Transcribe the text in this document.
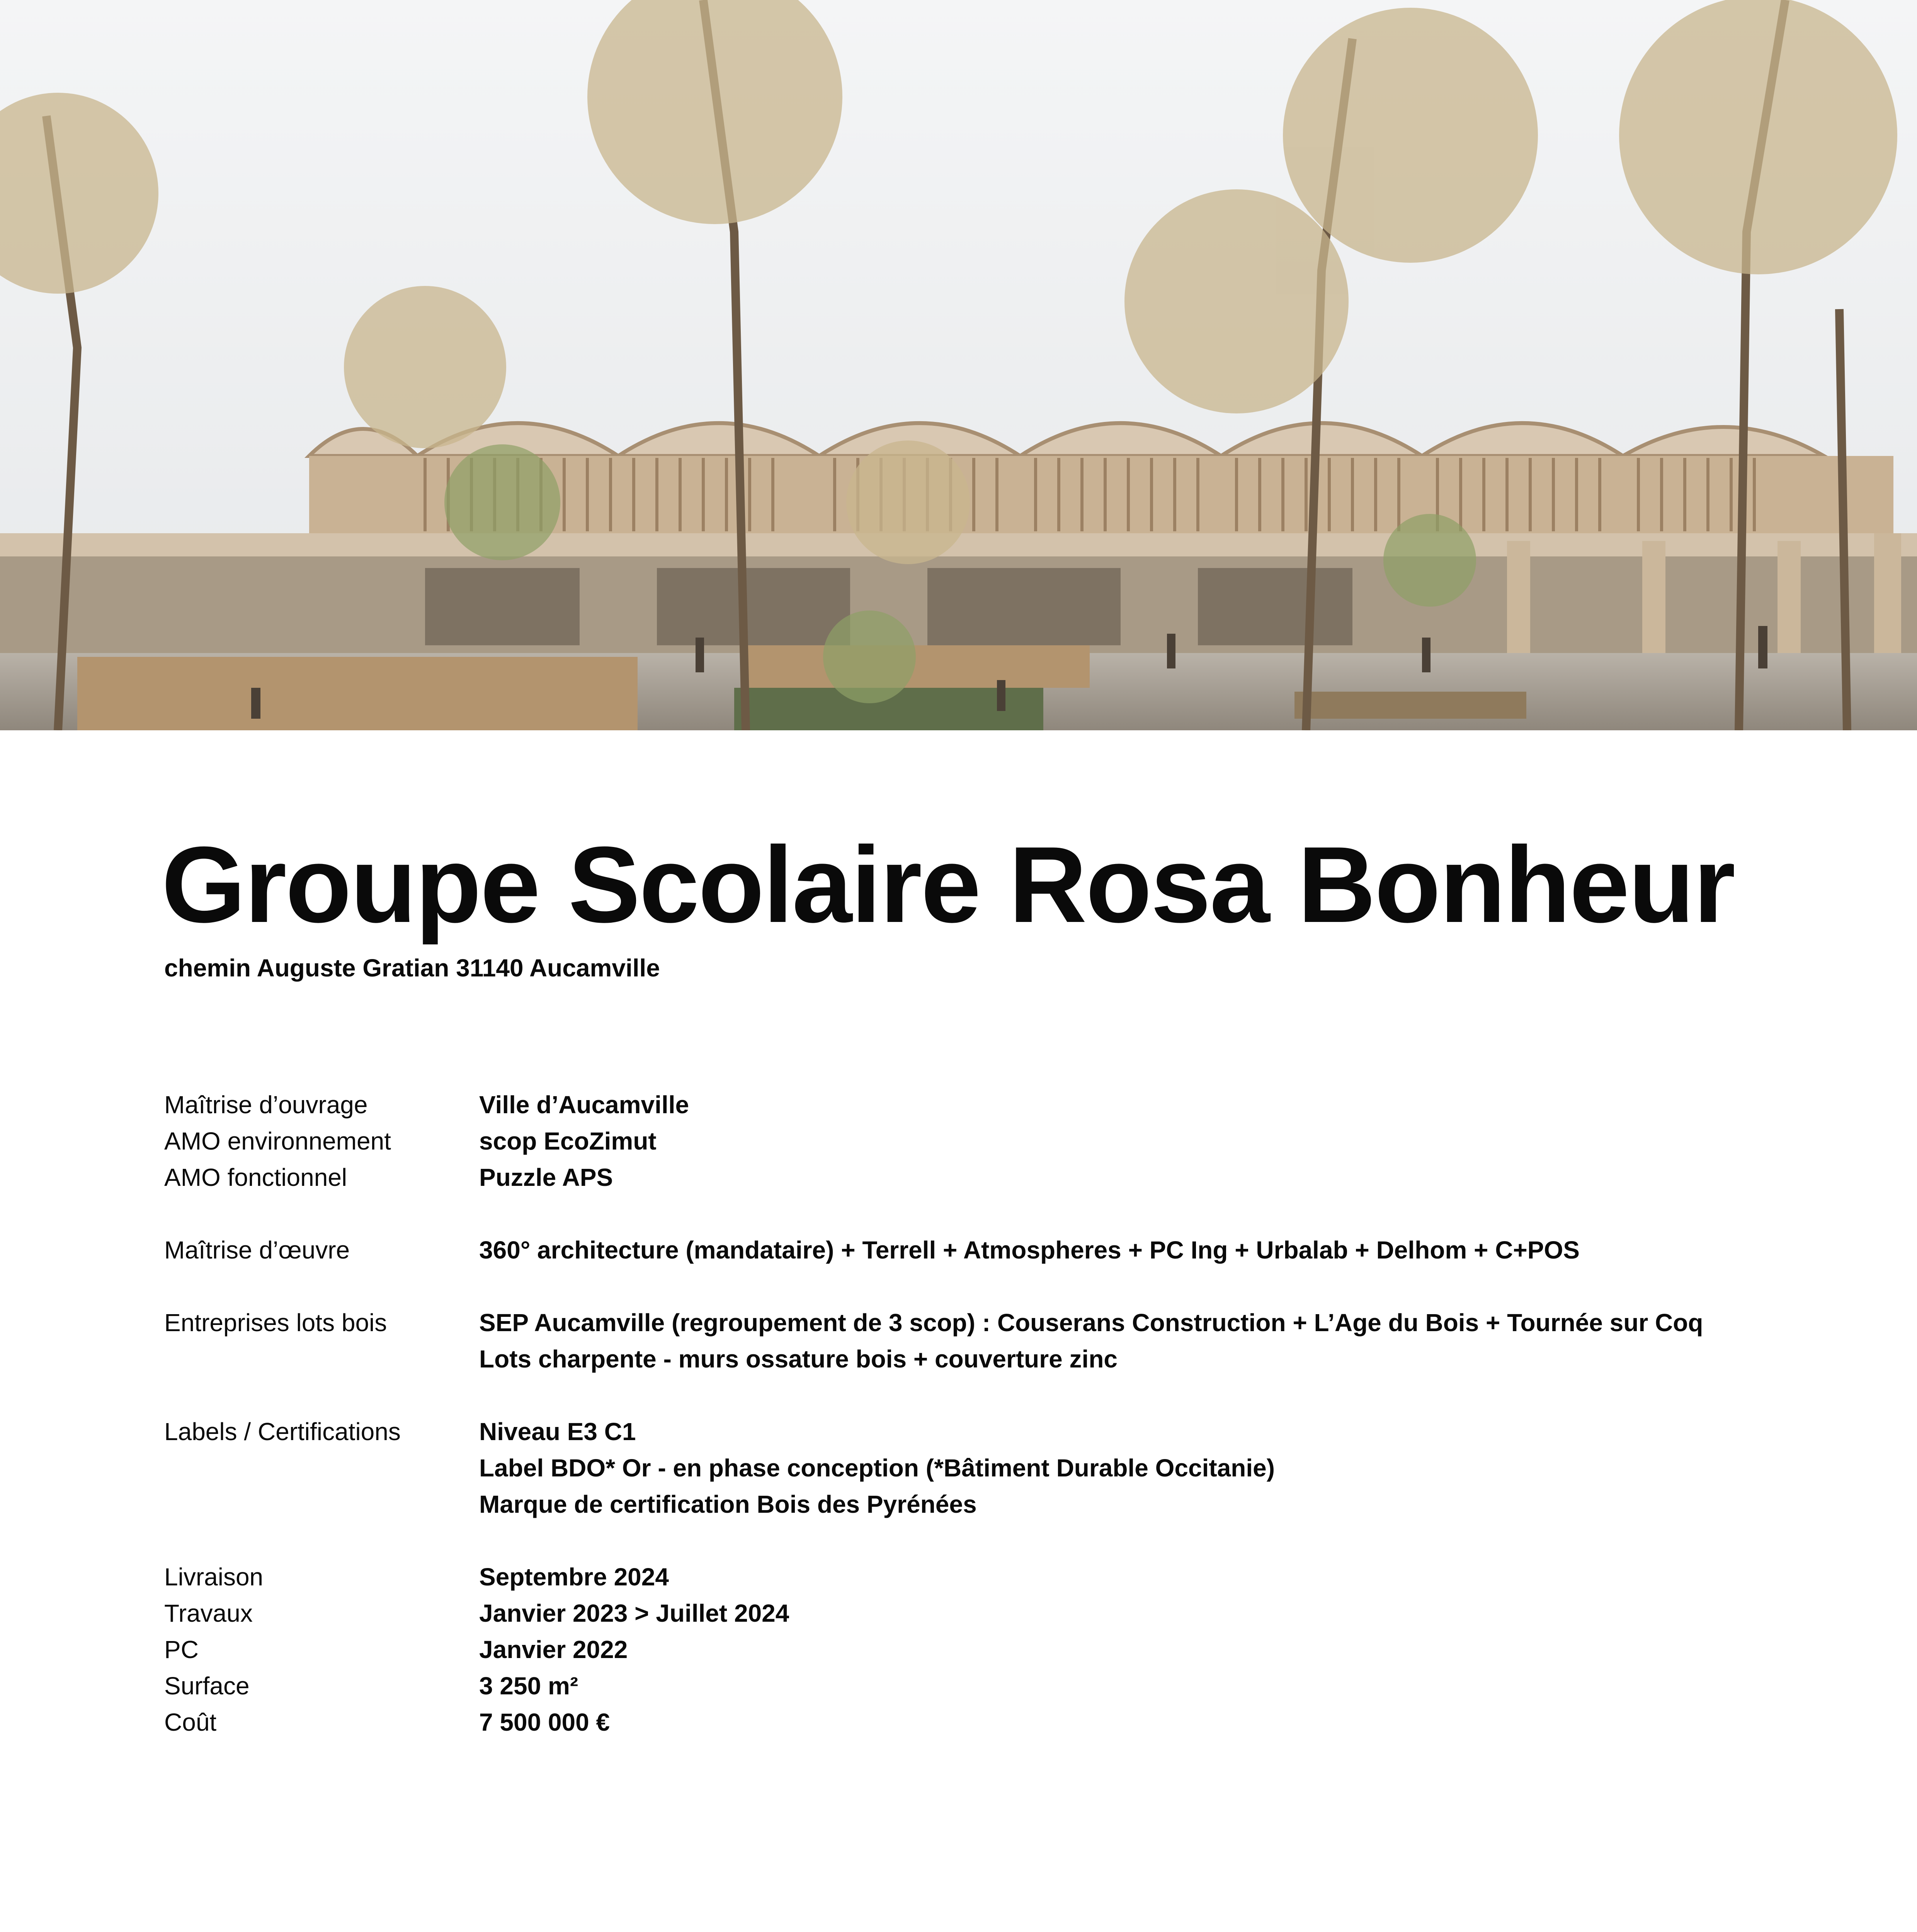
Groupe Scolaire Rosa Bonheur
chemin Auguste Gratian 31140 Aucamville
Maîtrise d’ouvrage	Ville d’Aucamville
AMO environnement	scop EcoZimut
AMO fonctionnel	Puzzle APS
Maîtrise d’œuvre	360° architecture (mandataire) + Terrell + Atmospheres + PC Ing + Urbalab + Delhom + C+POS
Entreprises lots bois	SEP Aucamville (regroupement de 3 scop) : Couserans Construction + L’Age du Bois + Tournée sur Coq
Lots charpente - murs ossature bois + couverture zinc
Labels / Certifications	Niveau E3 C1
Label BDO* Or - en phase conception (*Bâtiment Durable Occitanie)
Marque de certification Bois des Pyrénées
Livraison	Septembre 2024
Travaux	Janvier 2023 > Juillet 2024
PC	Janvier 2022
Surface	3 250 m²
Coût	7 500 000 €
